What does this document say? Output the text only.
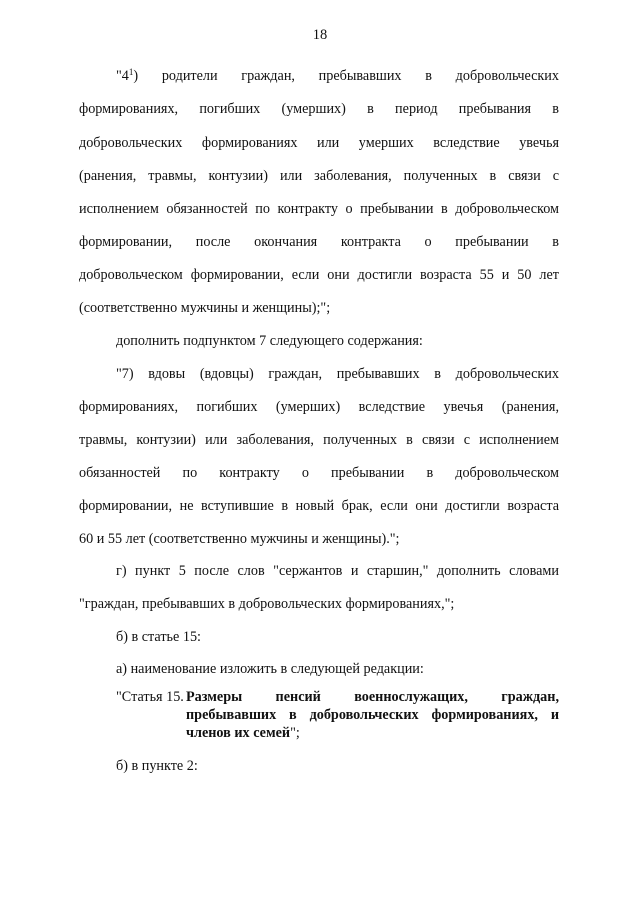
18
"$4^1$) родители граждан, пребывавших в добровольческих
формированиях, погибших (умерших) в период пребывания в
добровольческих формированиях или умерших вследствие увечья
(ранения, травмы, контузии) или заболевания, полученных в связи с
исполнением обязанностей по контракту о пребывании в добровольческом
формировании, после окончания контракта о пребывании в
добровольческом формировании, если они достигли возраста 55 и 50 лет
(соответственно мужчины и женщины);";
дополнить подпунктом 7 следующего содержания:
"7) вдовы (вдовцы) граждан, пребывавших в добровольческих
формированиях, погибших (умерших) вследствие увечья (ранения,
травмы, контузии) или заболевания, полученных в связи с исполнением
обязанностей по контракту о пребывании в добровольческом
формировании, не вступившие в новый брак, если они достигли возраста
60 и 55 лет (соответственно мужчины и женщины).";
г) пункт 5 после слов "сержантов и старшин," дополнить словами
"граждан, пребывавших в добровольческих формированиях,";
б) в статье 15:
а) наименование изложить в следующей редакции:
"Статья 15. Размеры пенсий военнослужащих, граждан,
пребывавших в добровольческих формированиях, и
членов их семей";
б) в пункте 2:
